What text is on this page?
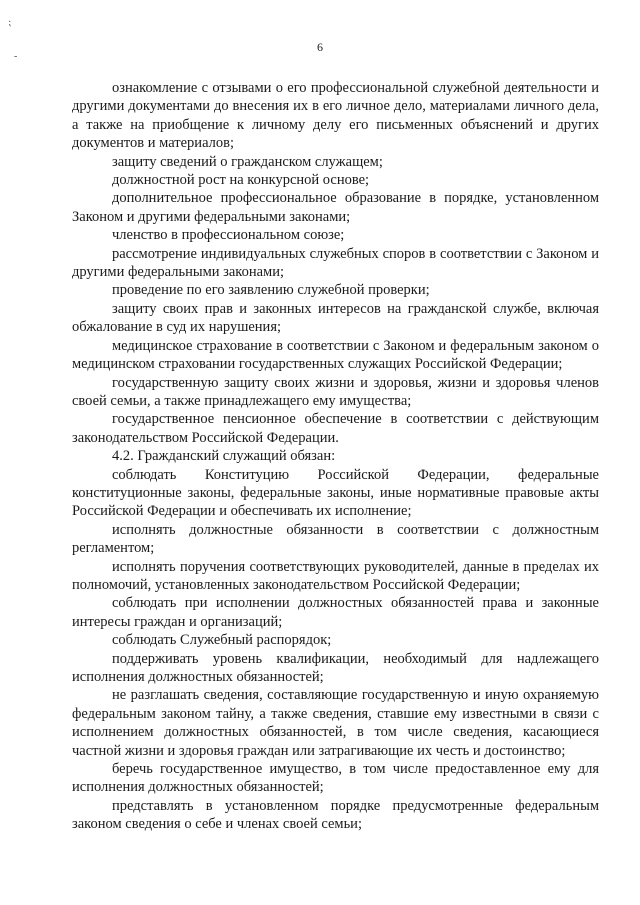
⁏
‐
6

ознакомление с отзывами о его профессиональной служебной деятельности и другими документами до внесения их в его личное дело, материалами личного дела, а также на приобщение к личному делу его письменных объяснений и других документов и материалов;

защиту сведений о гражданском служащем;

должностной рост на конкурсной основе;

дополнительное профессиональное образование в порядке, установленном Законом и другими федеральными законами;

членство в профессиональном союзе;

рассмотрение индивидуальных служебных споров в соответствии с Законом и другими федеральными законами;

проведение по его заявлению служебной проверки;

защиту своих прав и законных интересов на гражданской службе, включая обжалование в суд их нарушения;

медицинское страхование в соответствии с Законом и федеральным законом о медицинском страховании государственных служащих Российской Федерации;

государственную защиту своих жизни и здоровья, жизни и здоровья членов своей семьи, а также принадлежащего ему имущества;

государственное пенсионное обеспечение в соответствии с действующим законодательством Российской Федерации.

4.2. Гражданский служащий обязан:

соблюдать Конституцию Российской Федерации, федеральные конституционные законы, федеральные законы, иные нормативные правовые акты Российской Федерации и обеспечивать их исполнение;

исполнять должностные обязанности в соответствии с должностным регламентом;

исполнять поручения соответствующих руководителей, данные в пределах их полномочий, установленных законодательством Российской Федерации;

соблюдать при исполнении должностных обязанностей права и законные интересы граждан и организаций;

соблюдать Служебный распорядок;

поддерживать уровень квалификации, необходимый для надлежащего исполнения должностных обязанностей;

не разглашать сведения, составляющие государственную и иную охраняемую федеральным законом тайну, а также сведения, ставшие ему известными в связи с исполнением должностных обязанностей, в том числе сведения, касающиеся частной жизни и здоровья граждан или затрагивающие их честь и достоинство;

беречь государственное имущество, в том числе предоставленное ему для исполнения должностных обязанностей;

представлять в установленном порядке предусмотренные федеральным законом сведения о себе и членах своей семьи;
